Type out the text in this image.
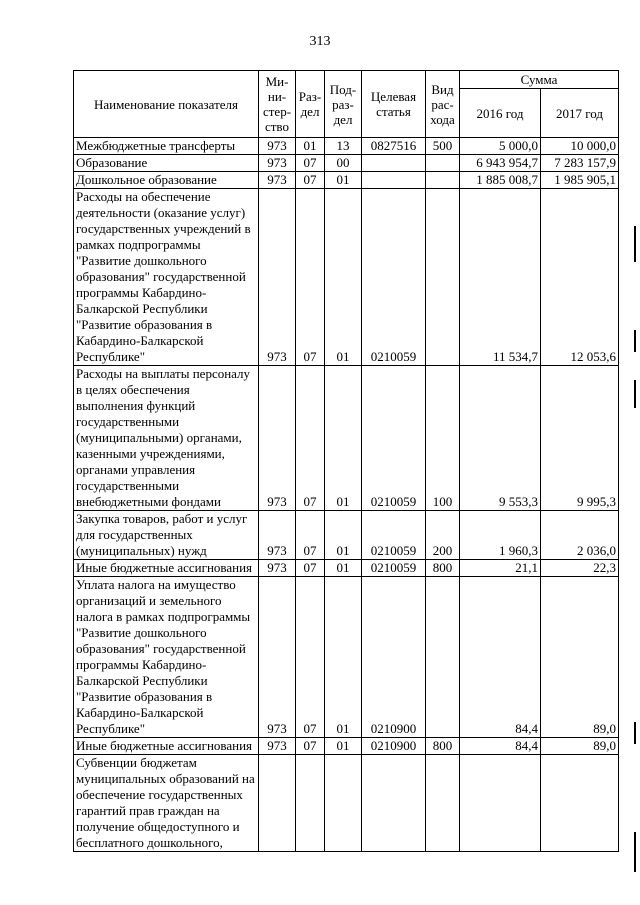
313
Наименование показателя	Ми-ни-стер-ство	Раз-дел	Под-раз-дел	Целевая статья	Вид рас-хода	Сумма	
						2016 год	2017 год
Межбюджетные трансферты	973	01	13	0827516	500	5 000,0	10 000,0
Образование	973	07	00			6 943 954,7	7 283 157,9
Дошкольное образование	973	07	01			1 885 008,7	1 985 905,1
Расходы на обеспечение деятельности (оказание услуг) государственных учреждений в рамках подпрограммы "Развитие дошкольного образования" государственной программы Кабардино-Балкарской Республики "Развитие образования в Кабардино-Балкарской Республике"	973	07	01	0210059		11 534,7	12 053,6
Расходы на выплаты персоналу в целях обеспечения выполнения функций государственными (муниципальными) органами, казенными учреждениями, органами управления государственными внебюджетными фондами	973	07	01	0210059	100	9 553,3	9 995,3
Закупка товаров, работ и услуг для государственных (муниципальных) нужд	973	07	01	0210059	200	1 960,3	2 036,0
Иные бюджетные ассигнования	973	07	01	0210059	800	21,1	22,3
Уплата налога на имущество организаций и земельного налога в рамках подпрограммы "Развитие дошкольного образования" государственной программы Кабардино-Балкарской Республики "Развитие образования в Кабардино-Балкарской Республике"	973	07	01	0210900		84,4	89,0
Иные бюджетные ассигнования	973	07	01	0210900	800	84,4	89,0
Субвенции бюджетам муниципальных образований на обеспечение государственных гарантий прав граждан на получение общедоступного и бесплатного дошкольного,							
